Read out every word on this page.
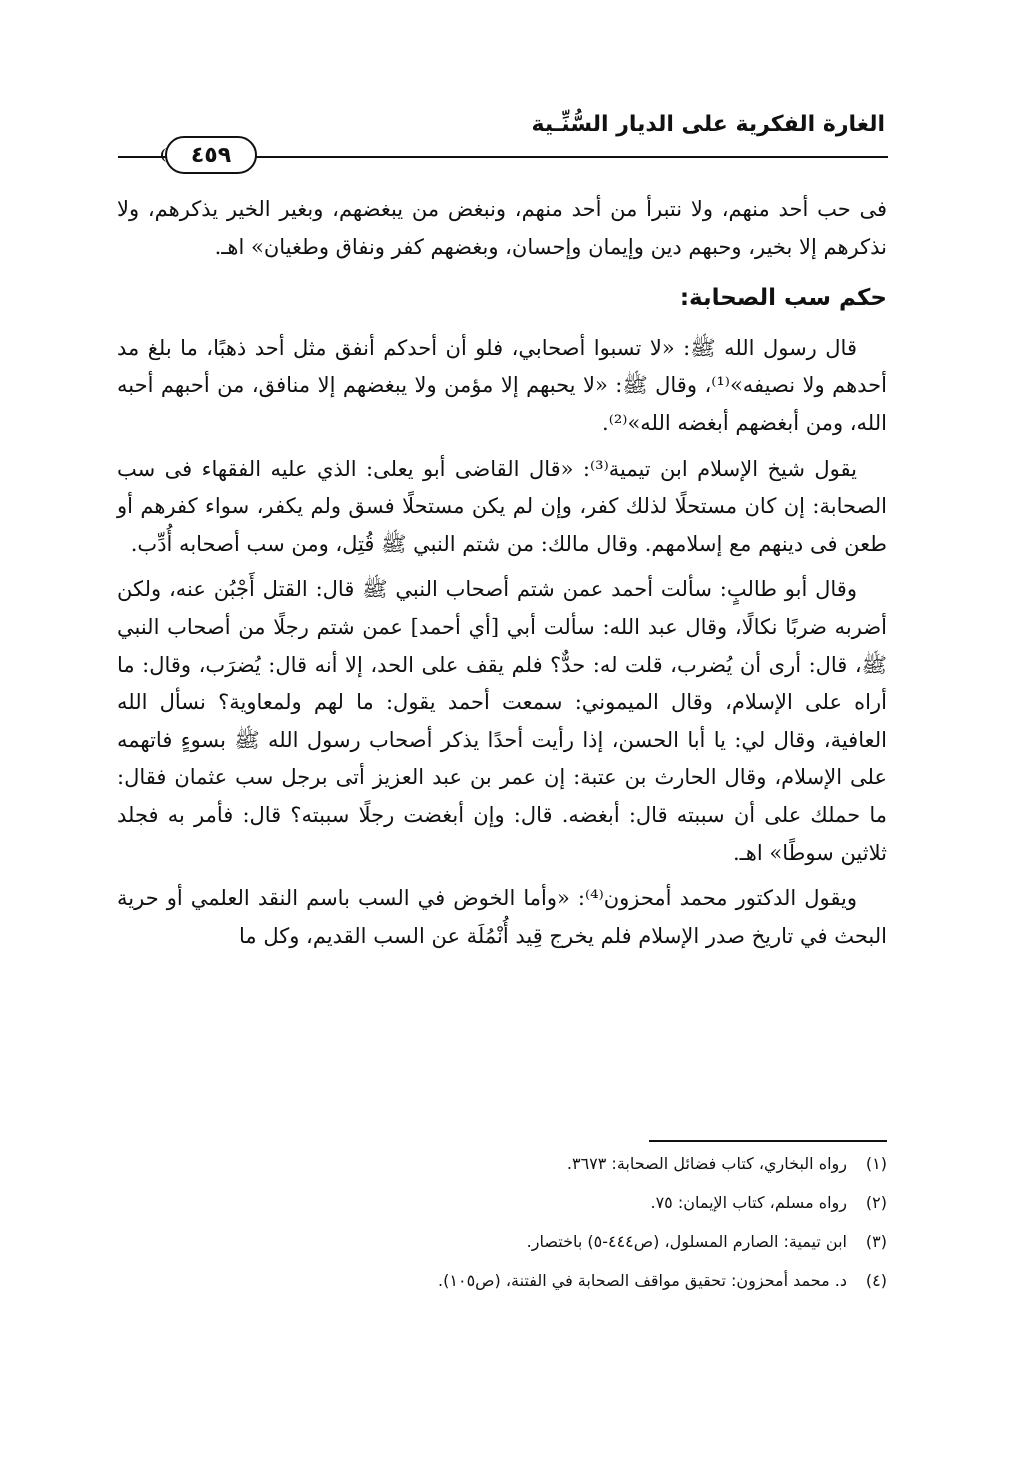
الغارة الفكرية على الديار السُّنِّـية
٤٥٩

فى حب أحد منهم، ولا نتبرأ من أحد منهم، ونبغض من يبغضهم، وبغير الخير يذكرهم، ولا نذكرهم إلا بخير، وحبهم دين وإيمان وإحسان، وبغضهم كفر ونفاق وطغيان» اهـ.

حكم سب الصحابة:

قال رسول الله ﷺ: «لا تسبوا أصحابي، فلو أن أحدكم أنفق مثل أحد ذهبًا، ما بلغ مد أحدهم ولا نصيفه»⁽¹⁾، وقال ﷺ: «لا يحبهم إلا مؤمن ولا يبغضهم إلا منافق، من أحبهم أحبه الله، ومن أبغضهم أبغضه الله»⁽²⁾.

يقول شيخ الإسلام ابن تيمية⁽³⁾: «قال القاضى أبو يعلى: الذي عليه الفقهاء فى سب الصحابة: إن كان مستحلًا لذلك كفر، وإن لم يكن مستحلًا فسق ولم يكفر، سواء كفرهم أو طعن فى دينهم مع إسلامهم. وقال مالك: من شتم النبي ﷺ قُتِل، ومن سب أصحابه أُدِّب.

وقال أبو طالبٍ: سألت أحمد عمن شتم أصحاب النبي ﷺ قال: القتل أَجْبُن عنه، ولكن أضربه ضربًا نكالًا، وقال عبد الله: سألت أبي [أي أحمد] عمن شتم رجلًا من أصحاب النبي ﷺ، قال: أرى أن يُضرب، قلت له: حدٌّ؟ فلم يقف على الحد، إلا أنه قال: يُضرَب، وقال: ما أراه على الإسلام، وقال الميموني: سمعت أحمد يقول: ما لهم ولمعاوية؟ نسأل الله العافية، وقال لي: يا أبا الحسن، إذا رأيت أحدًا يذكر أصحاب رسول الله ﷺ بسوءٍ فاتهمه على الإسلام، وقال الحارث بن عتبة: إن عمر بن عبد العزيز أتى برجل سب عثمان فقال: ما حملك على أن سببته قال: أبغضه. قال: وإن أبغضت رجلًا سببته؟ قال: فأمر به فجلد ثلاثين سوطًا» اهـ.

ويقول الدكتور محمد أمحزون⁽⁴⁾: «وأما الخوض في السب باسم النقد العلمي أو حرية البحث في تاريخ صدر الإسلام فلم يخرج قِيد أُنْمُلَة عن السب القديم، وكل ما

(١)
رواه البخاري، كتاب فضائل الصحابة: ٣٦٧٣.
(٢)
رواه مسلم، كتاب الإيمان: ٧٥.
(٣)
ابن تيمية: الصارم المسلول، (ص٤٤٤-٥) باختصار.
(٤)
د. محمد أمحزون: تحقيق مواقف الصحابة في الفتنة، (ص١٠٥).
